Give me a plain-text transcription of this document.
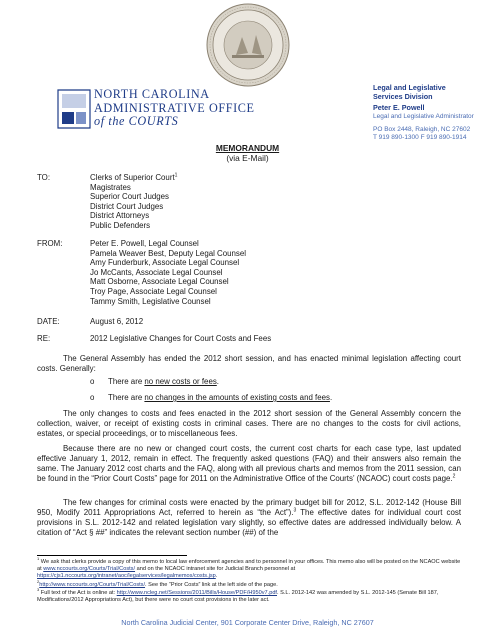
NORTH CAROLINA
ADMINISTRATIVE OFFICE
of the COURTS
Legal and Legislative
Services Division
Peter E. Powell
Legal and Legislative Administrator
PO Box 2448, Raleigh, NC 27602
T 919 890-1300 F 919 890-1914
MEMORANDUM
(via E-Mail)
TO:	Clerks of Superior Court$^1$
Magistrates
Superior Court Judges
District Court Judges
District Attorneys
Public Defenders
FROM:	Peter E. Powell, Legal Counsel
Pamela Weaver Best, Deputy Legal Counsel
Amy Funderburk, Associate Legal Counsel
Jo McCants, Associate Legal Counsel
Matt Osborne, Associate Legal Counsel
Troy Page, Associate Legal Counsel
Tammy Smith, Legislative Counsel
DATE:	August 6, 2012
RE:	2012 Legislative Changes for Court Costs and Fees
The General Assembly has ended the 2012 short session, and has enacted minimal legislation affecting court costs. Generally:
o There are no new costs or fees.
o There are no changes in the amounts of existing costs and fees.
The only changes to costs and fees enacted in the 2012 short session of the General Assembly concern the collection, waiver, or receipt of existing costs in criminal cases. There are no changes to the costs for civil actions, estates, or special proceedings, or to miscellaneous fees.
Because there are no new or changed court costs, the current cost charts for each case type, last updated effective January 1, 2012, remain in effect. The frequently asked questions (FAQ) and their answers also remain the same. The January 2012 cost charts and the FAQ, along with all previous charts and memos from the 2011 session, can be found in the “Prior Court Costs” page for 2011 on the Administrative Office of the Courts’ (NCAOC) court costs page.$^2$
The few changes for criminal costs were enacted by the primary budget bill for 2012, S.L. 2012-142 (House Bill 950, Modify 2011 Appropriations Act, referred to herein as “the Act”).$^3$ The effective dates for individual court cost provisions in S.L. 2012-142 and related legislation vary slightly, so effective dates are addressed individually below. A citation of “Act § ##” indicates the relevant section number (##) of the
$^1$ We ask that clerks provide a copy of this memo to local law enforcement agencies and to personnel in your offices. This memo also will be posted on the NCAOC website at www.nccourts.org/Courts/Trial/Costs/ and on the NCAOC intranet site for Judicial Branch personnel at https://cjs1.nccourts.org/intranet/aoc/legalservices/legalmemos/costs.jsp.
$^2$http://www.nccourts.org/Courts/Trial/Costs/. See the “Prior Costs” link at the left side of the page.
$^3$ Full text of the Act is online at: http://www.ncleg.net/Sessions/2011/Bills/House/PDF/H950v7.pdf. S.L. 2012-142 was amended by S.L. 2012-145 (Senate Bill 187, Modifications/2012 Appropriations Act), but there were no court cost provisions in the later act.
North Carolina Judicial Center, 901 Corporate Center Drive, Raleigh, NC 27607
